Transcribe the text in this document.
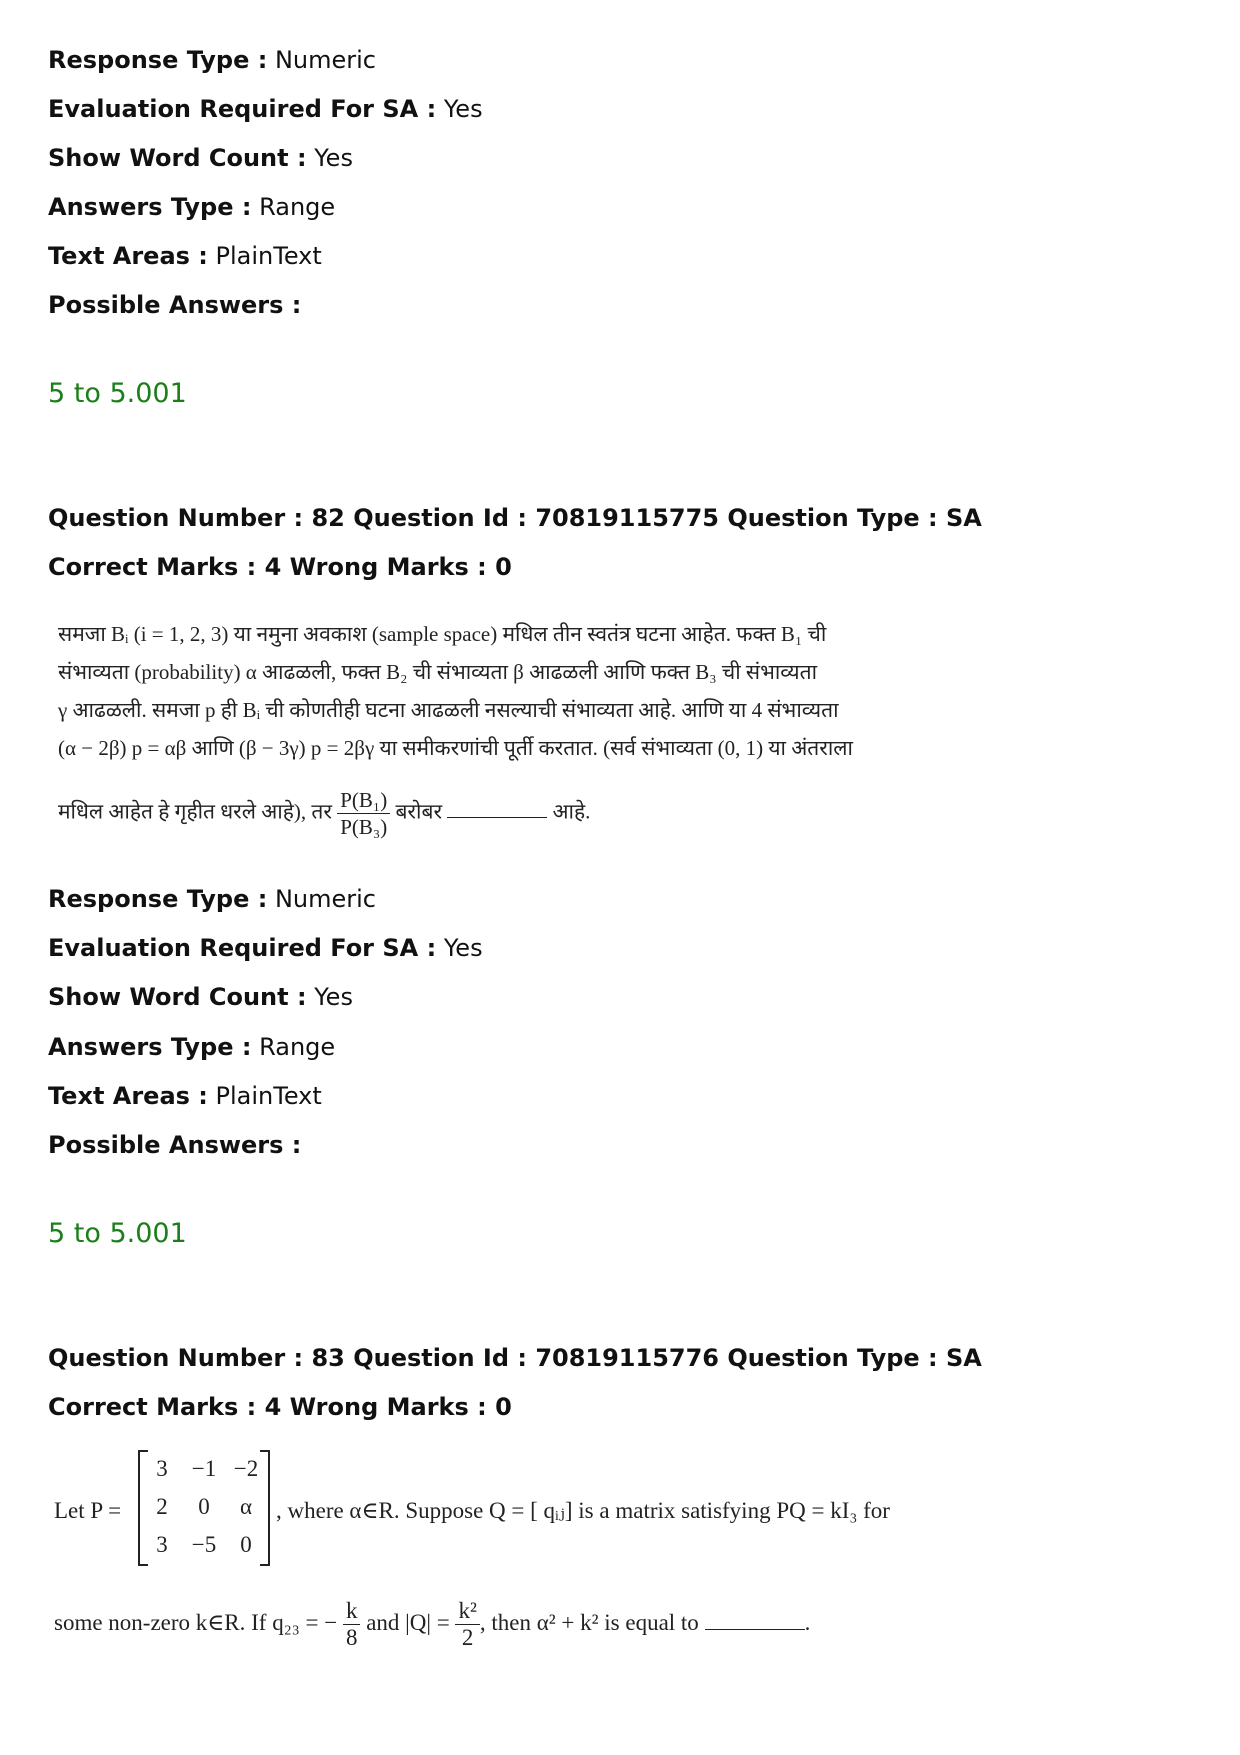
Response Type : Numeric
Evaluation Required For SA : Yes
Show Word Count : Yes
Answers Type : Range
Text Areas : PlainText
Possible Answers :
5 to 5.001
Question Number : 82 Question Id : 70819115775 Question Type : SA
Correct Marks : 4 Wrong Marks : 0
समजा Bᵢ (i = 1, 2, 3) या नमुना अवकाश (sample space) मधिल तीन स्वतंत्र घटना आहेत. फक्त B₁ ची
संभाव्यता (probability) α आढळली, फक्त B₂ ची संभाव्यता β आढळली आणि फक्त B₃ ची संभाव्यता
γ आढळली. समजा p ही Bᵢ ची कोणतीही घटना आढळली नसल्याची संभाव्यता आहे. आणि या 4 संभाव्यता
(α − 2β) p = αβ आणि (β − 3γ) p = 2βγ या समीकरणांची पूर्ती करतात. (सर्व संभाव्यता (0, 1) या अंतराला
मधिल आहेत हे गृहीत धरले आहे), तर $\frac{\text{P(B₁)}}{\text{P(B₃)}}$ बरोबर	आहे.
Response Type : Numeric
Evaluation Required For SA : Yes
Show Word Count : Yes
Answers Type : Range
Text Areas : PlainText
Possible Answers :
5 to 5.001
Question Number : 83 Question Id : 70819115776 Question Type : SA
Correct Marks : 4 Wrong Marks : 0
Let P =
3	−1 −2
2	0	α
3	−5	0
, where α∈R. Suppose Q = [ qᵢⱼ] is a matrix satisfying PQ = kI₃ for
some non-zero k∈R. If q₂₃ = − $\frac{k}{8}$ and $|Q| = \frac{\text{k²}}{2}$ , then α² + k² is equal to	.
